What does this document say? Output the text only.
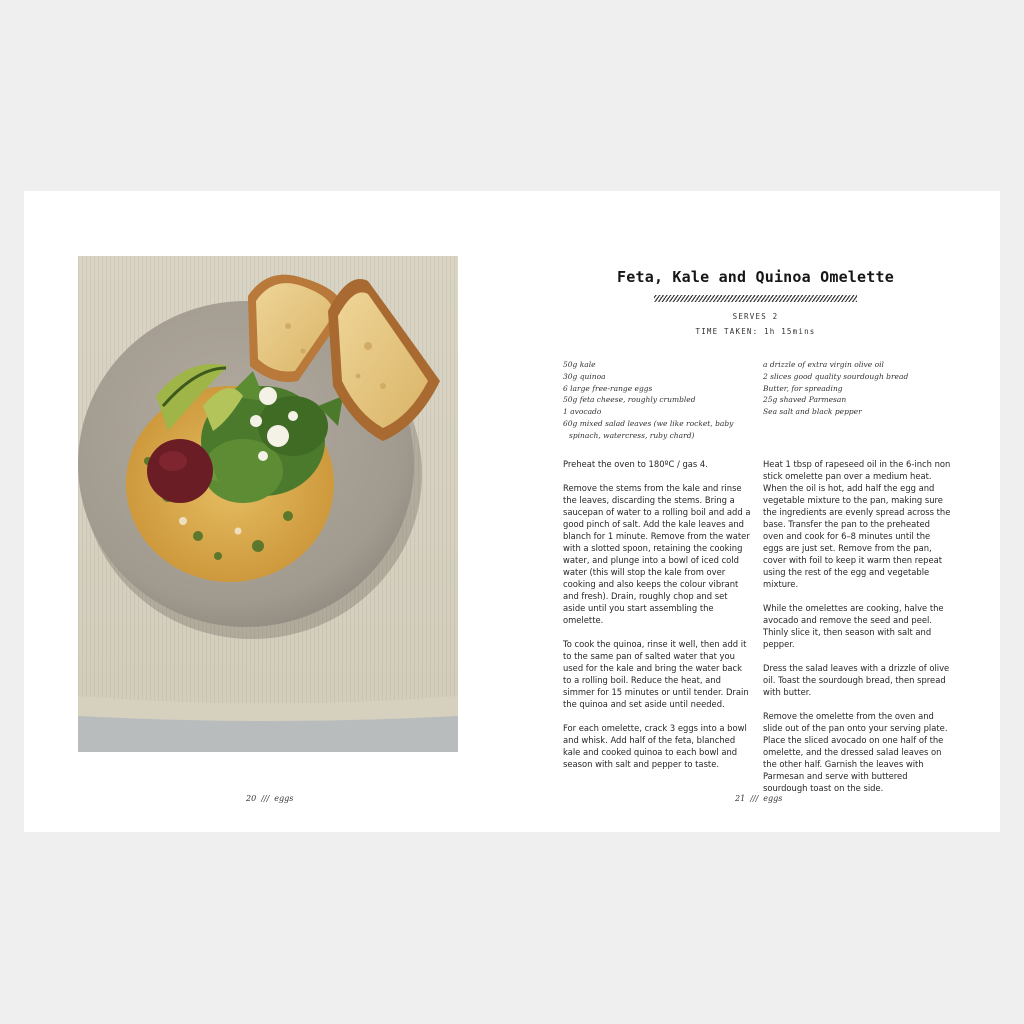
20 /// eggs
Feta, Kale and Quinoa Omelette
SERVES 2
TIME TAKEN: 1h 15mins
50g kale
30g quinoa
6 large free-range eggs
50g feta cheese, roughly crumbled
1 avocado
60g mixed salad leaves (we like rocket, baby spinach, watercress, ruby chard)
a drizzle of extra virgin olive oil
2 slices good quality sourdough bread
Butter, for spreading
25g shaved Parmesan
Sea salt and black pepper

Preheat the oven to 180ºC / gas 4.

Remove the stems from the kale and rinse the leaves, discarding the stems. Bring a saucepan of water to a rolling boil and add a good pinch of salt. Add the kale leaves and blanch for 1 minute. Remove from the water with a slotted spoon, retaining the cooking water, and plunge into a bowl of iced cold water (this will stop the kale from over cooking and also keeps the colour vibrant and fresh). Drain, roughly chop and set aside until you start assembling the omelette.

To cook the quinoa, rinse it well, then add it to the same pan of salted water that you used for the kale and bring the water back to a rolling boil. Reduce the heat, and simmer for 15 minutes or until tender. Drain the quinoa and set aside until needed.

For each omelette, crack 3 eggs into a bowl and whisk. Add half of the feta, blanched kale and cooked quinoa to each bowl and season with salt and pepper to taste.

Heat 1 tbsp of rapeseed oil in the 6-inch non stick omelette pan over a medium heat. When the oil is hot, add half the egg and vegetable mixture to the pan, making sure the ingredients are evenly spread across the base. Transfer the pan to the preheated oven and cook for 6–8 minutes until the eggs are just set. Remove from the pan, cover with foil to keep it warm then repeat using the rest of the egg and vegetable mixture.

While the omelettes are cooking, halve the avocado and remove the seed and peel. Thinly slice it, then season with salt and pepper.

Dress the salad leaves with a drizzle of olive oil. Toast the sourdough bread, then spread with butter.

Remove the omelette from the oven and slide out of the pan onto your serving plate. Place the sliced avocado on one half of the omelette, and the dressed salad leaves on the other half. Garnish the leaves with Parmesan and serve with buttered sourdough toast on the side.

21 /// eggs
